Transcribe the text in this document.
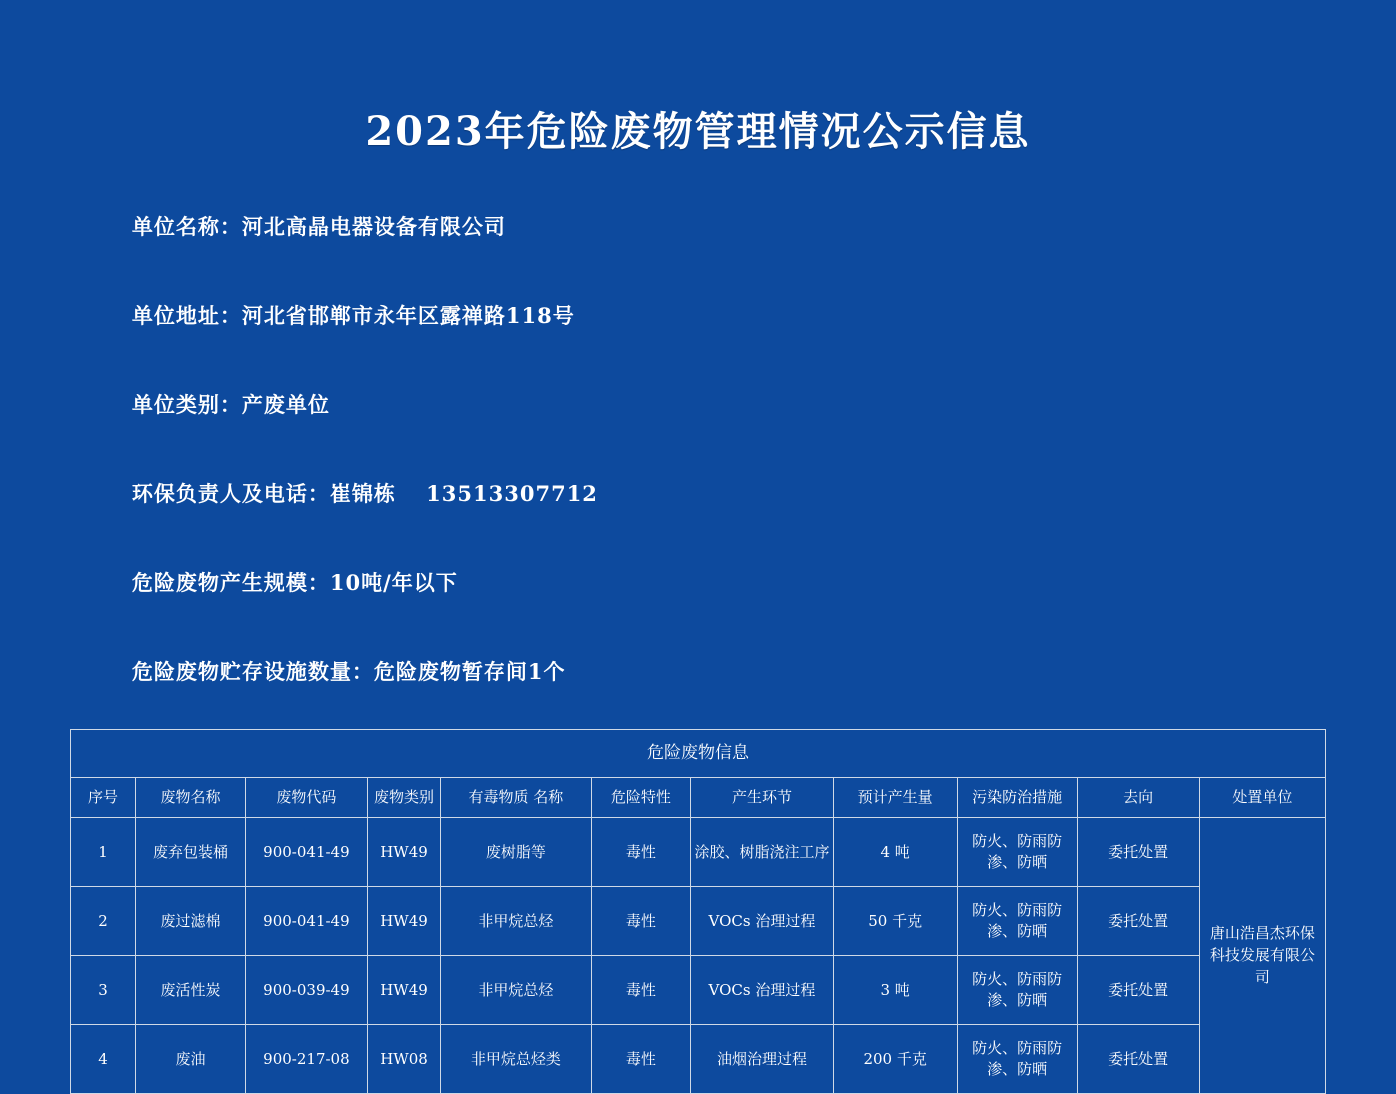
2023年危险废物管理情况公示信息

单位名称：河北高晶电器设备有限公司

单位地址：河北省邯郸市永年区露禅路118号

单位类别：产废单位

环保负责人及电话：崔锦栋　 13513307712

危险废物产生规模：10吨/年以下

危险废物贮存设施数量：危险废物暂存间1个

危险废物信息										
序号	废物名称	废物代码	废物类别	有毒物质 名称	危险特性	产生环节	预计产生量	污染防治措施	去向	处置单位
1	废弃包装桶	900-041-49	HW49	废树脂等	毒性	涂胶、树脂浇注工序	4 吨	防火、防雨防渗、防晒	委托处置	唐山浩昌杰环保科技发展有限公司
2	废过滤棉	900-041-49	HW49	非甲烷总烃	毒性	VOCs 治理过程	50 千克	防火、防雨防渗、防晒	委托处置	
3	废活性炭	900-039-49	HW49	非甲烷总烃	毒性	VOCs 治理过程	3 吨	防火、防雨防渗、防晒	委托处置	
4	废油	900-217-08	HW08	非甲烷总烃类	毒性	油烟治理过程	200 千克	防火、防雨防渗、防晒	委托处置	
